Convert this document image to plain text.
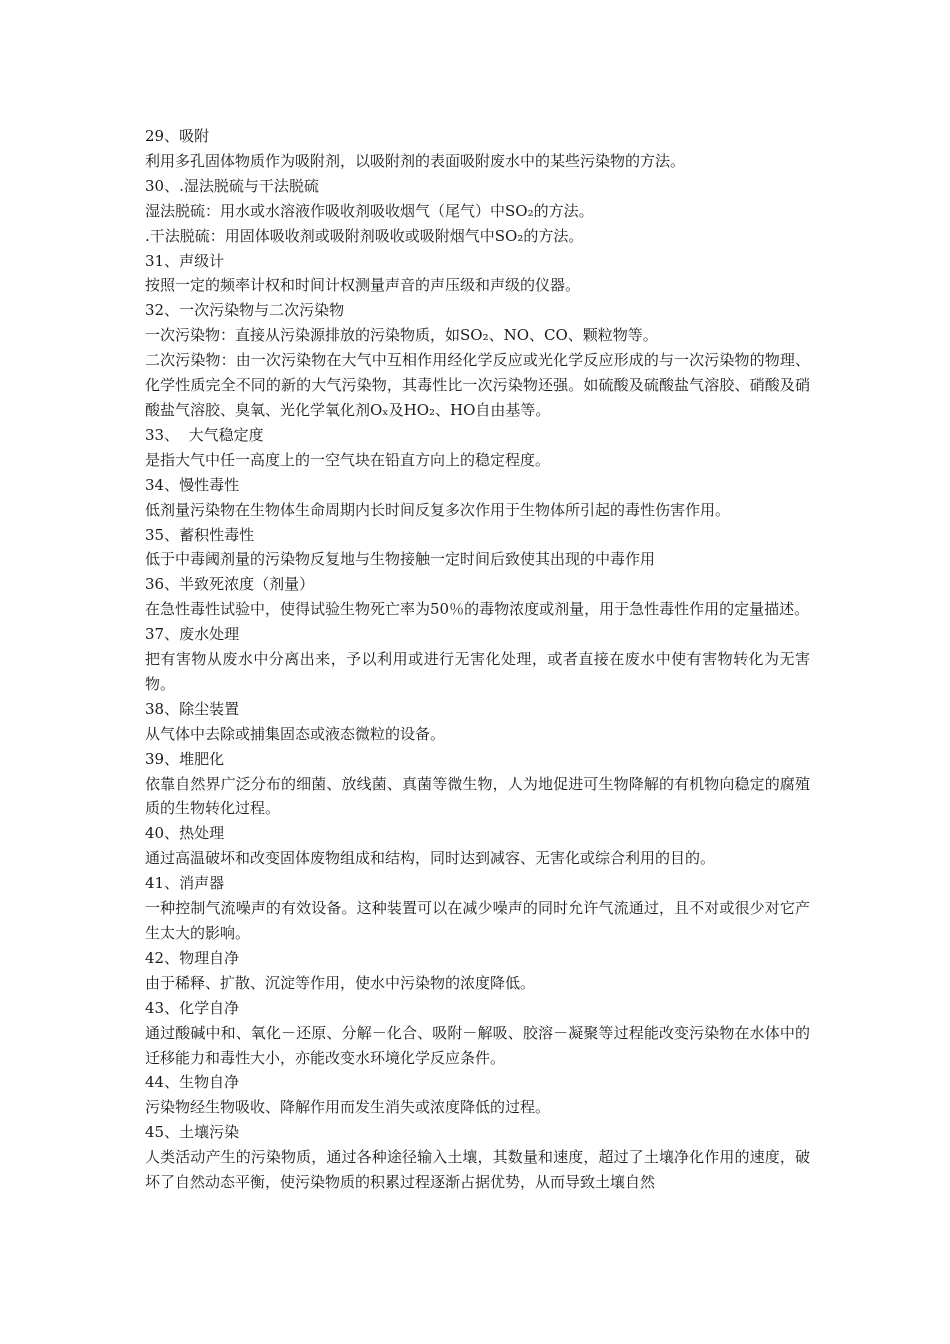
29、吸附
利用多孔固体物质作为吸附剂，以吸附剂的表面吸附废水中的某些污染物的方法。
30、.湿法脱硫与干法脱硫
湿法脱硫：用水或水溶液作吸收剂吸收烟气（尾气）中SO₂的方法。
.干法脱硫：用固体吸收剂或吸附剂吸收或吸附烟气中SO₂的方法。
31、声级计
按照一定的频率计权和时间计权测量声音的声压级和声级的仪器。
32、一次污染物与二次污染物
一次污染物：直接从污染源排放的污染物质，如SO₂、NO、CO、颗粒物等。
二次污染物：由一次污染物在大气中互相作用经化学反应或光化学反应形成的与一次污染物的物理、化学性质完全不同的新的大气污染物，其毒性比一次污染物还强。如硫酸及硫酸盐气溶胶、硝酸及硝酸盐气溶胶、臭氧、光化学氧化剂Oₓ及HO₂、HO自由基等。
33、  大气稳定度
是指大气中任一高度上的一空气块在铅直方向上的稳定程度。
34、慢性毒性
低剂量污染物在生物体生命周期内长时间反复多次作用于生物体所引起的毒性伤害作用。
35、蓄积性毒性
低于中毒阈剂量的污染物反复地与生物接触一定时间后致使其出现的中毒作用
36、半致死浓度（剂量）
在急性毒性试验中，使得试验生物死亡率为50％的毒物浓度或剂量，用于急性毒性作用的定量描述。
37、废水处理
把有害物从废水中分离出来，予以利用或进行无害化处理，或者直接在废水中使有害物转化为无害物。
38、除尘装置
从气体中去除或捕集固态或液态微粒的设备。
39、堆肥化
依靠自然界广泛分布的细菌、放线菌、真菌等微生物，人为地促进可生物降解的有机物向稳定的腐殖质的生物转化过程。
40、热处理
通过高温破坏和改变固体废物组成和结构，同时达到减容、无害化或综合利用的目的。
41、消声器
一种控制气流噪声的有效设备。这种装置可以在减少噪声的同时允许气流通过，且不对或很少对它产生太大的影响。
42、物理自净
由于稀释、扩散、沉淀等作用，使水中污染物的浓度降低。
43、化学自净
通过酸碱中和、氧化－还原、分解－化合、吸附－解吸、胶溶－凝聚等过程能改变污染物在水体中的迁移能力和毒性大小，亦能改变水环境化学反应条件。
44、生物自净
污染物经生物吸收、降解作用而发生消失或浓度降低的过程。
45、土壤污染
人类活动产生的污染物质，通过各种途径输入土壤，其数量和速度，超过了土壤净化作用的速度，破坏了自然动态平衡，使污染物质的积累过程逐渐占据优势，从而导致土壤自然
